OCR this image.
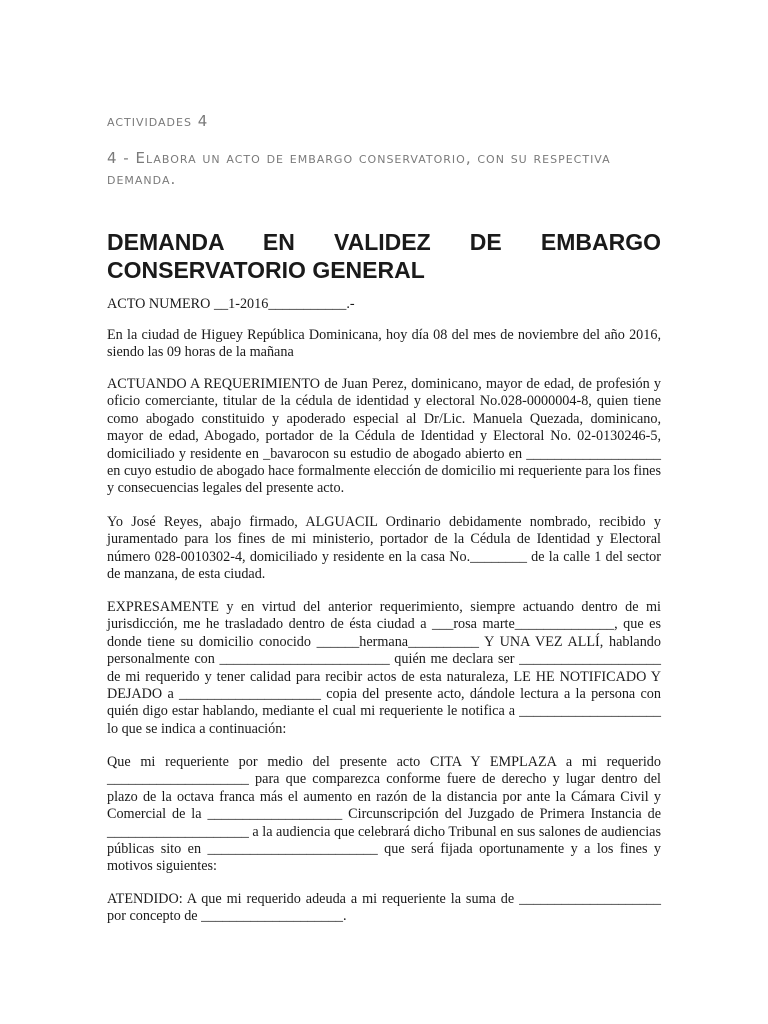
actividades 4

4 - Elabora un acto de embargo conservatorio, con su respectiva demanda.

DEMANDA EN VALIDEZ DE EMBARGO
CONSERVATORIO GENERAL

ACTO NUMERO __1-2016___________.-

En la ciudad de Higuey República Dominicana, hoy día 08 del mes de noviembre del año 2016, siendo las 09 horas de la mañana

ACTUANDO A REQUERIMIENTO de Juan Perez, dominicano, mayor de edad, de profesión y oficio comerciante, titular de la cédula de identidad y electoral No.028-0000004-8, quien tiene como abogado constituido y apoderado especial al Dr/Lic. Manuela Quezada, dominicano, mayor de edad, Abogado, portador de la Cédula de Identidad y Electoral No. 02-0130246-5, domiciliado y residente en _bavarocon su estudio de abogado abierto en ___________________ en cuyo estudio de abogado hace formalmente elección de domicilio mi requeriente para los fines y consecuencias legales del presente acto.

Yo José Reyes, abajo firmado, ALGUACIL Ordinario debidamente nombrado, recibido y juramentado para los fines de mi ministerio, portador de la Cédula de Identidad y Electoral número 028-0010302-4, domiciliado y residente en la casa No.________ de la calle 1 del sector de manzana, de esta ciudad.

EXPRESAMENTE y en virtud del anterior requerimiento, siempre actuando dentro de mi jurisdicción, me he trasladado dentro de ésta ciudad a ___rosa marte______________, que es donde tiene su domicilio conocido ______hermana__________ Y UNA VEZ ALLÍ, hablando personalmente con ________________________ quién me declara ser ____________________ de mi requerido y tener calidad para recibir actos de esta naturaleza, LE HE NOTIFICADO Y DEJADO a ____________________ copia del presente acto, dándole lectura a la persona con quién digo estar hablando, mediante el cual mi requeriente le notifica a ____________________ lo que se indica a continuación:

Que mi requeriente por medio del presente acto CITA Y EMPLAZA a mi requerido ____________________ para que comparezca conforme fuere de derecho y lugar dentro del plazo de la octava franca más el aumento en razón de la distancia por ante la Cámara Civil y Comercial de la ___________________ Circunscripción del Juzgado de Primera Instancia de ____________________ a la audiencia que celebrará dicho Tribunal en sus salones de audiencias públicas sito en ________________________ que será fijada oportunamente y a los fines y motivos siguientes:

ATENDIDO: A que mi requerido adeuda a mi requeriente la suma de ____________________ por concepto de ____________________.
